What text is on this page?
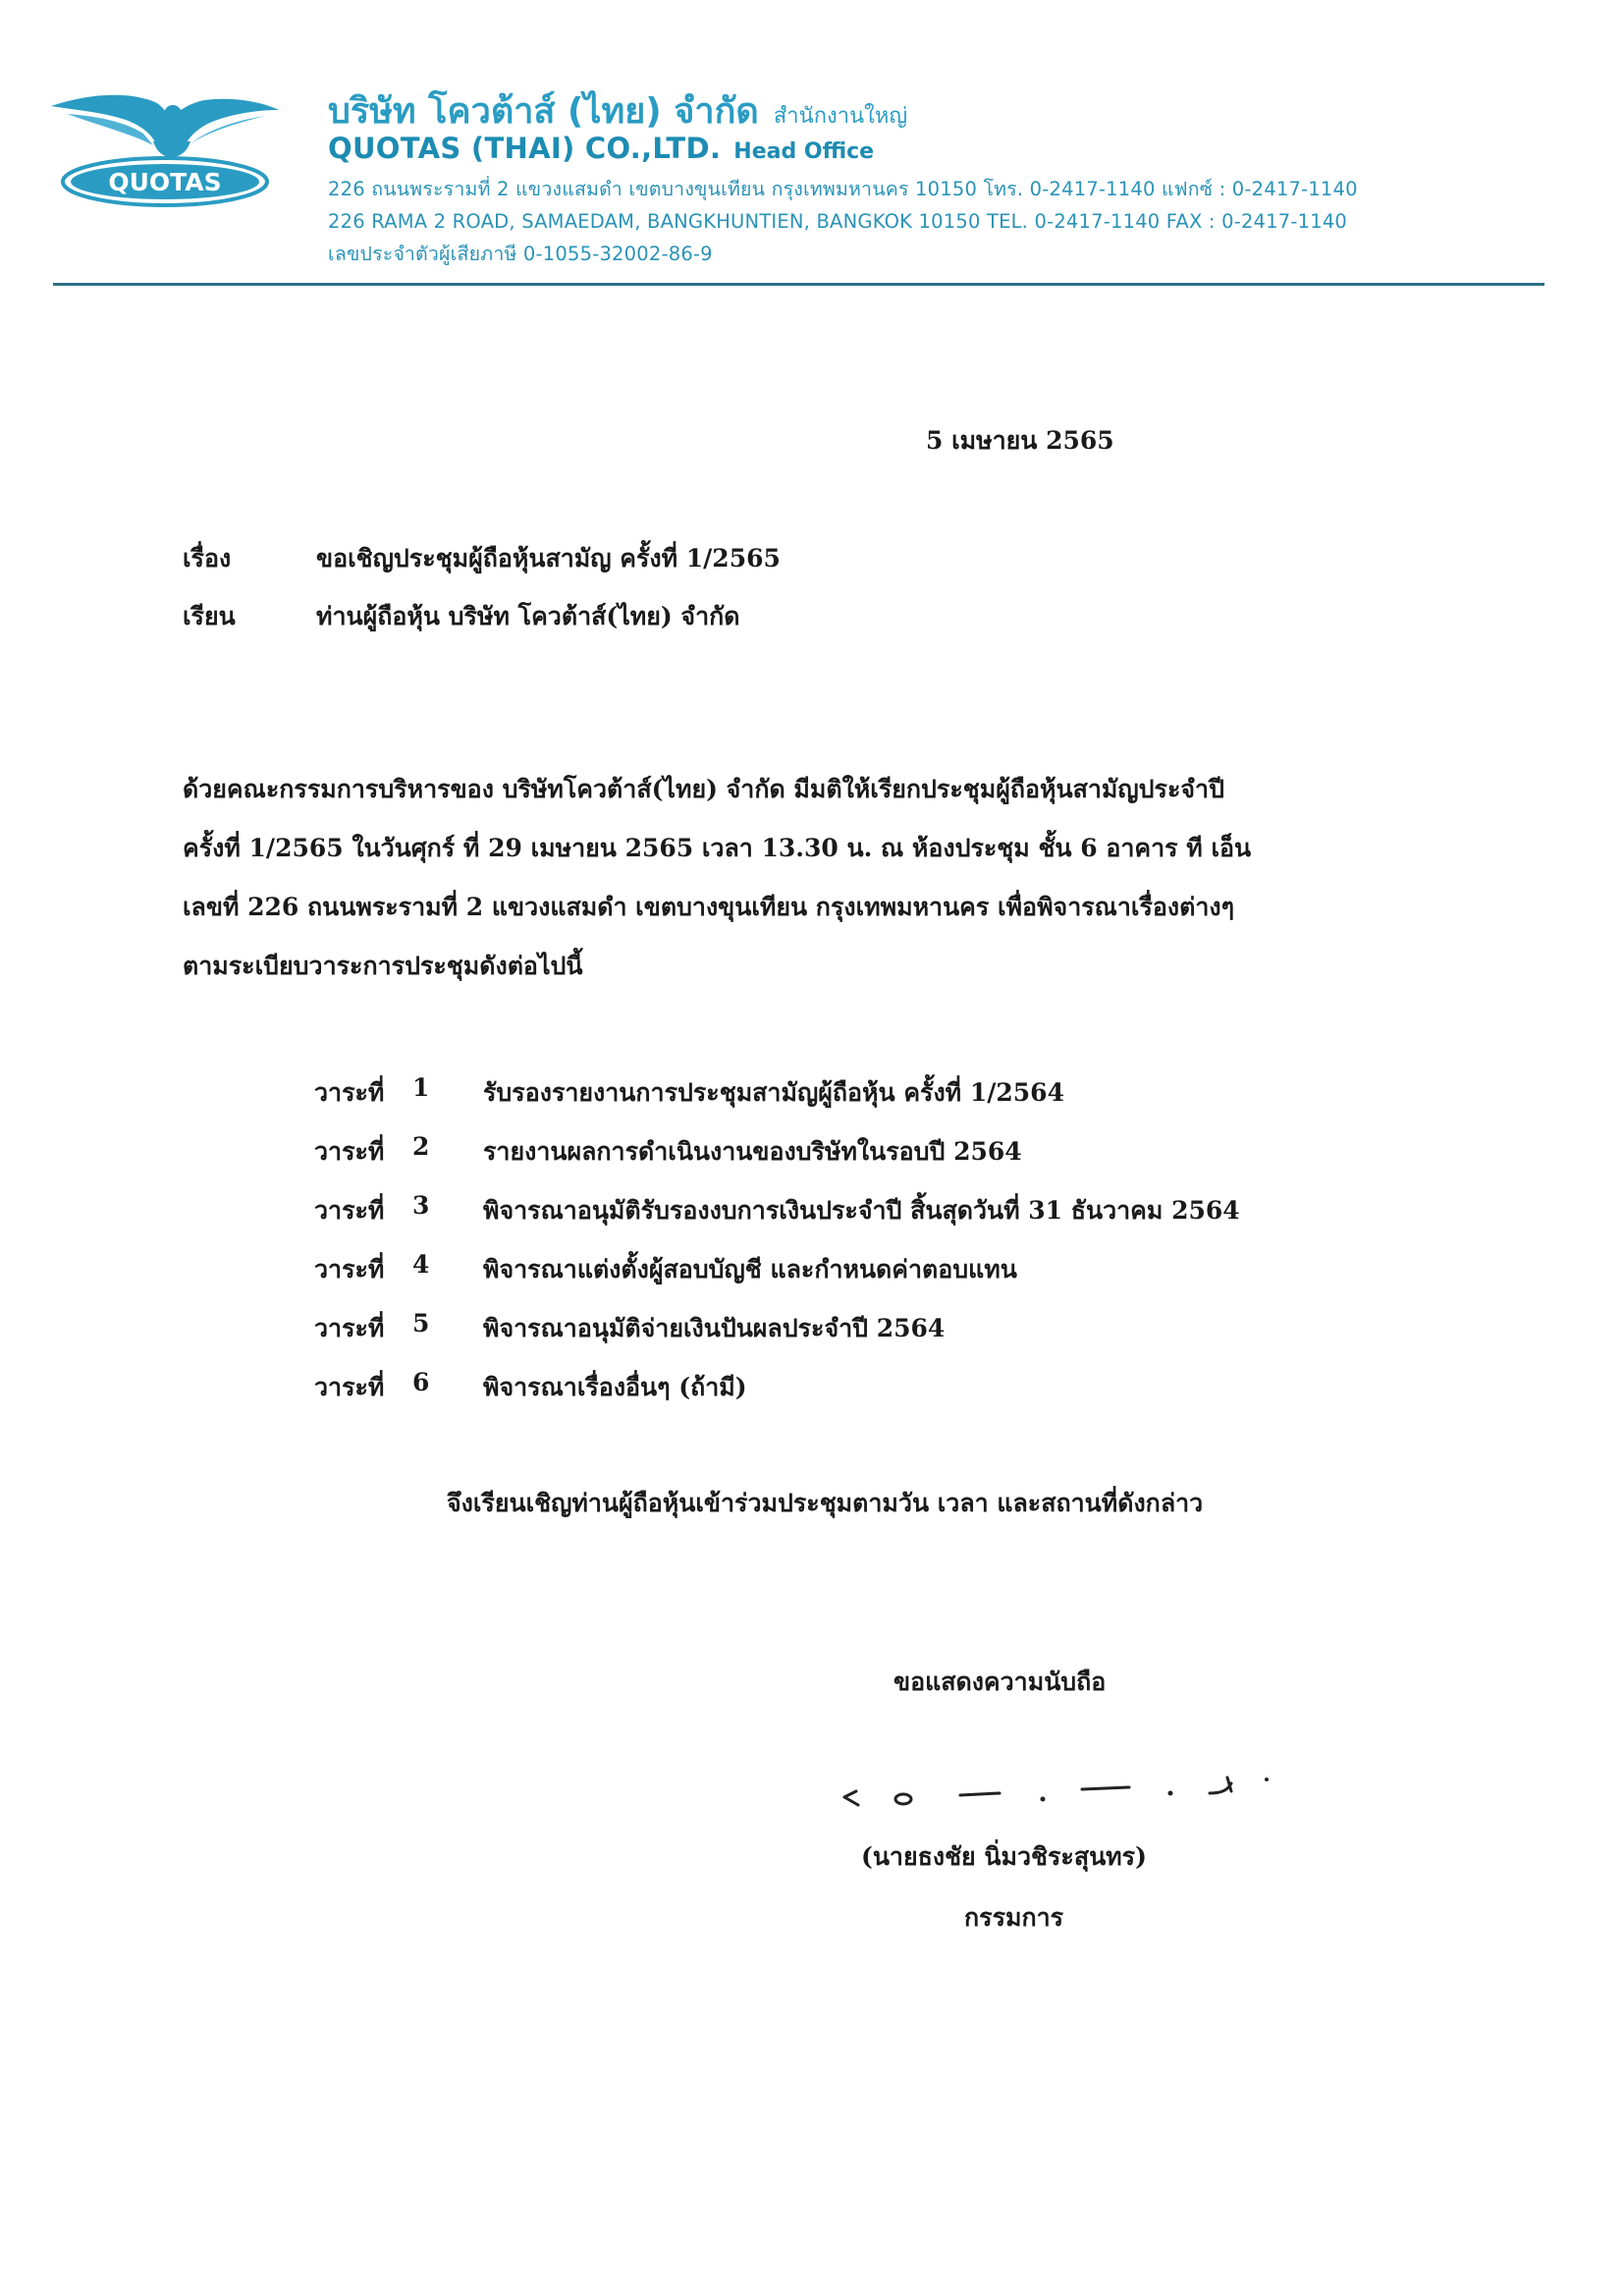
QUOTAS
บริษัท โควต้าส์ (ไทย) จำกัด สำนักงานใหญ่
QUOTAS (THAI) CO.,LTD. Head Office
226 ถนนพระรามที่ 2 แขวงแสมดำ เขตบางขุนเทียน กรุงเทพมหานคร 10150 โทร. 0-2417-1140 แฟกซ์ : 0-2417-1140
226 RAMA 2 ROAD, SAMAEDAM, BANGKHUNTIEN, BANGKOK 10150 TEL. 0-2417-1140 FAX : 0-2417-1140
เลขประจำตัวผู้เสียภาษี 0-1055-32002-86-9
5 เมษายน 2565
เรื่อง	ขอเชิญประชุมผู้ถือหุ้นสามัญ ครั้งที่ 1/2565
เรียน	ท่านผู้ถือหุ้น บริษัท โควต้าส์(ไทย) จำกัด
ด้วยคณะกรรมการบริหารของ บริษัทโควต้าส์(ไทย) จำกัด มีมติให้เรียกประชุมผู้ถือหุ้นสามัญประจำปี
ครั้งที่ 1/2565 ในวันศุกร์ ที่ 29 เมษายน 2565 เวลา 13.30 น. ณ ห้องประชุม ชั้น 6 อาคาร ที เอ็น
เลขที่ 226 ถนนพระรามที่ 2 แขวงแสมดำ เขตบางขุนเทียน กรุงเทพมหานคร เพื่อพิจารณาเรื่องต่างๆ
ตามระเบียบวาระการประชุมดังต่อไปนี้
วาระที่ 1 รับรองรายงานการประชุมสามัญผู้ถือหุ้น ครั้งที่ 1/2564
วาระที่ 2 รายงานผลการดำเนินงานของบริษัทในรอบปี 2564
วาระที่ 3 พิจารณาอนุมัติรับรองงบการเงินประจำปี สิ้นสุดวันที่ 31 ธันวาคม 2564
วาระที่ 4 พิจารณาแต่งตั้งผู้สอบบัญชี และกำหนดค่าตอบแทน
วาระที่ 5 พิจารณาอนุมัติจ่ายเงินปันผลประจำปี 2564
วาระที่ 6 พิจารณาเรื่องอื่นๆ (ถ้ามี)
จึงเรียนเชิญท่านผู้ถือหุ้นเข้าร่วมประชุมตามวัน เวลา และสถานที่ดังกล่าว
ขอแสดงความนับถือ
(นายธงชัย นิ่มวชิระสุนทร)
กรรมการ
